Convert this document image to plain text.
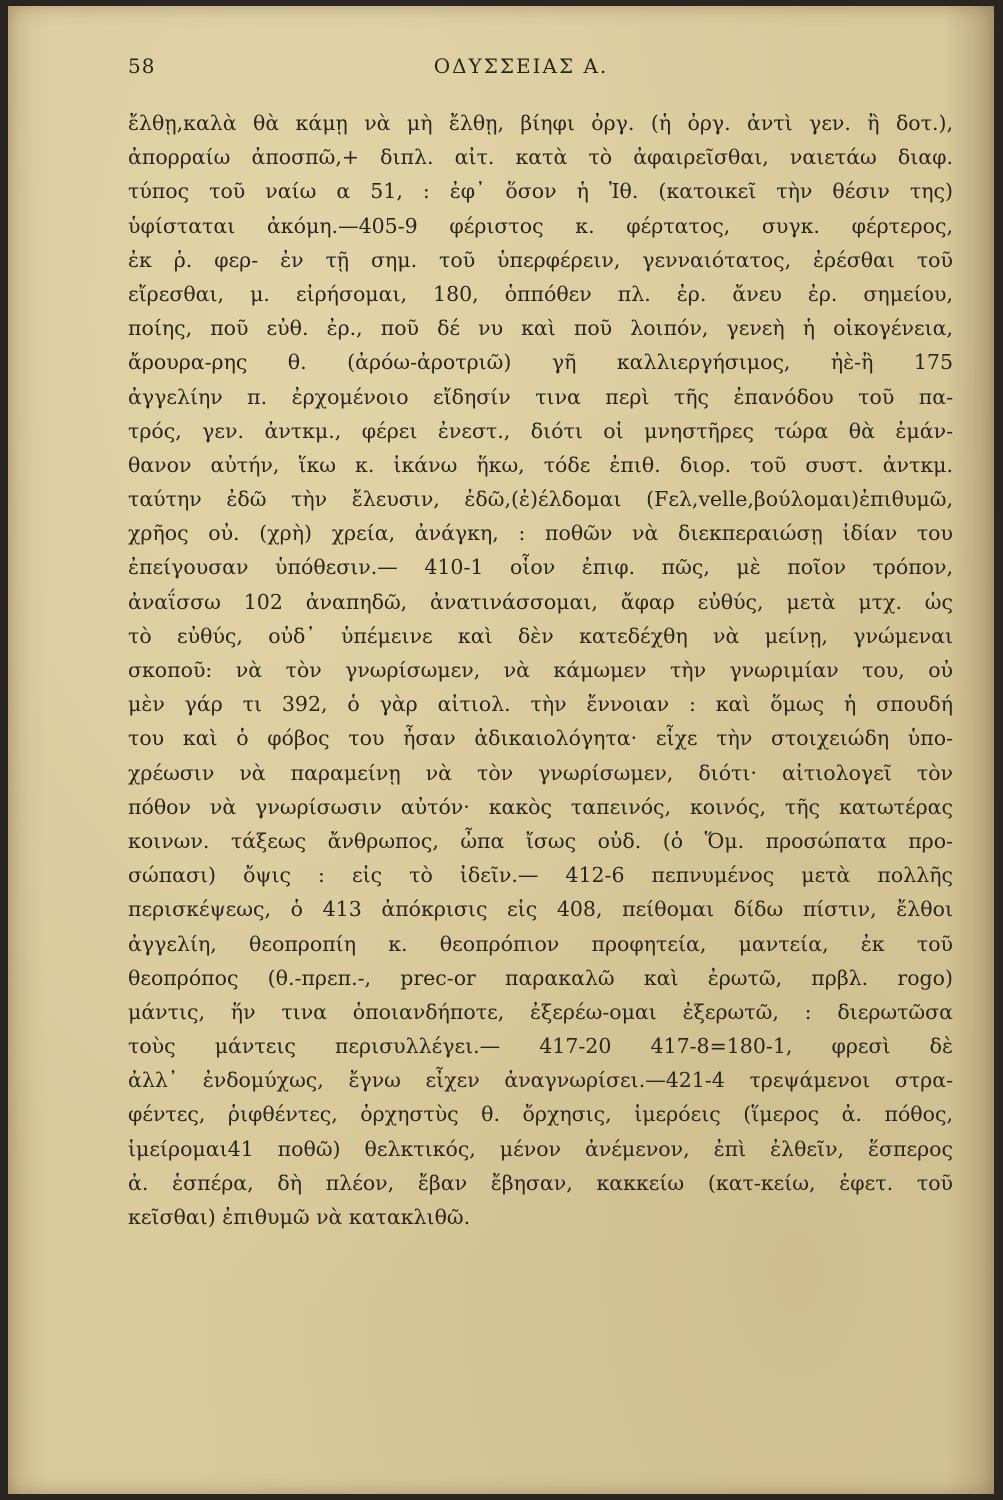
58	ΟΔΥΣΣΕΙΑΣ Α.
ἔλθῃ,καλὰ θὰ κάμῃ νὰ μὴ ἔλθῃ, βίηφι ὀργ. (ἡ ὀργ. ἀντὶ γεν. ἢ δοτ.),
ἀπορραίω ἀποσπῶ,+ διπλ. αἰτ. κατὰ τὸ ἀφαιρεῖσθαι, ναιετάω διαφ.
τύπος τοῦ ναίω α 51, : ἐφ᾿ ὅσον ἡ Ἰθ. (κατοικεῖ τὴν θέσιν της)
ὑφίσταται ἀκόμη.—405-9 φέριστος κ. φέρτατος, συγκ. φέρτερος,
ἐκ ῥ. φερ- ἐν τῇ σημ. τοῦ ὑπερφέρειν, γενναιότατος, ἐρέσθαι τοῦ
εἴρεσθαι, μ. εἰρήσομαι, 180, ὁππόθεν πλ. ἐρ. ἄνευ ἐρ. σημείου,
ποίης, ποῦ εὐθ. ἐρ., ποῦ δέ νυ καὶ ποῦ λοιπόν, γενεὴ ἡ οἰκογένεια,
ἄρουρα-ρης θ. (ἀρόω-ἀροτριῶ) γῆ καλλιεργήσιμος, ἠὲ-ἢ 175
ἀγγελίην π. ἐρχομένοιο εἴδησίν τινα περὶ τῆς ἐπανόδου τοῦ πα-
τρός, γεν. ἀντκμ., φέρει ἐνεστ., διότι οἱ μνηστῆρες τώρα θὰ ἐμάν-
θανον αὐτήν, ἵκω κ. ἱκάνω ἥκω, τόδε ἐπιθ. διορ. τοῦ συστ. ἀντκμ.
ταύτην ἐδῶ τὴν ἔλευσιν, ἐδῶ,(ἐ)έλδομαι (Fελ,velle,βούλομαι)ἐπιθυμῶ,
χρῆος οὐ. (χρὴ) χρεία, ἀνάγκη, : ποθῶν νὰ διεκπεραιώσῃ ἰδίαν του
ἐπείγουσαν ὑπόθεσιν.— 410-1 οἷον ἐπιφ. πῶς, μὲ ποῖον τρόπον,
ἀναΐσσω 102 ἀναπηδῶ, ἀνατινάσσομαι, ἄφαρ εὐθύς, μετὰ μτχ. ὡς
τὸ εὐθύς, οὐδ᾿ ὑπέμεινε καὶ δὲν κατεδέχθη νὰ μείνῃ, γνώμεναι
σκοποῦ: νὰ τὸν γνωρίσωμεν, νὰ κάμωμεν τὴν γνωριμίαν του, οὐ
μὲν γάρ τι 392, ὁ γὰρ αἰτιολ. τὴν ἔννοιαν : καὶ ὅμως ἡ σπουδή
του καὶ ὁ φόβος του ἦσαν ἀδικαιολόγητα· εἶχε τὴν στοιχειώδη ὑπο-
χρέωσιν νὰ παραμείνῃ νὰ τὸν γνωρίσωμεν, διότι· αἰτιολογεῖ τὸν
πόθον νὰ γνωρίσωσιν αὐτόν· κακὸς ταπεινός, κοινός, τῆς κατωτέρας
κοινων. τάξεως ἄνθρωπος, ὦπα ἴσως οὐδ. (ὁ Ὅμ. προσώπατα προ-
σώπασι) ὄψις : εἰς τὸ ἰδεῖν.— 412-6 πεπνυμένος μετὰ πολλῆς
περισκέψεως, ὁ 413 ἀπόκρισις εἰς 408, πείθομαι δίδω πίστιν, ἔλθοι
ἀγγελίη, θεοπροπίη κ. θεοπρόπιον προφητεία, μαντεία, ἐκ τοῦ
θεοπρόπος (θ.-πρεπ.-, prec-or παρακαλῶ καὶ ἐρωτῶ, πρβλ. rogo)
μάντις, ἥν τινα ὁποιανδήποτε, ἐξερέω-ομαι ἐξερωτῶ, : διερωτῶσα
τοὺς μάντεις περισυλλέγει.— 417-20 417-8=180-1, φρεσὶ δὲ
ἀλλ᾿ ἐνδομύχως, ἔγνω εἶχεν ἀναγνωρίσει.—421-4 τρεψάμενοι στρα-
φέντες, ῥιφθέντες, ὀρχηστὺς θ. ὄρχησις, ἱμερόεις (ἵμερος ἀ. πόθος,
ἱμείρομαι41 ποθῶ) θελκτικός, μένον ἀνέμενον, ἐπὶ ἐλθεῖν, ἕσπερος
ἀ. ἑσπέρα, δὴ πλέον, ἔβαν ἔβησαν, κακκείω (κατ-κείω, ἐφετ. τοῦ
κεῖσθαι) ἐπιθυμῶ νὰ κατακλιθῶ.
